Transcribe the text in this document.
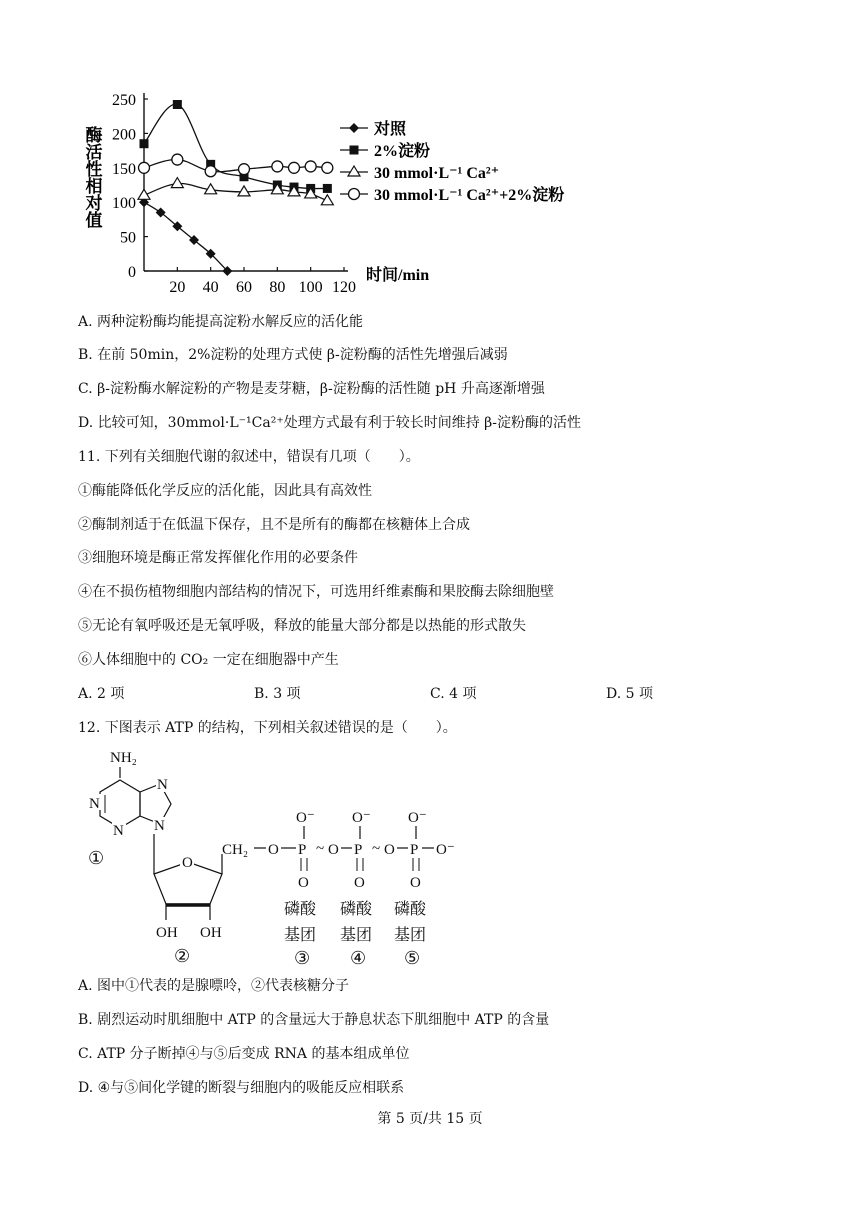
20 40 60 80 100 120
0
50
100
150
200
250
对照
2%淀粉
30 mmol·L⁻¹ Ca²⁺
30 mmol·L⁻¹ Ca²⁺+2%淀粉
酶活性相对值
时间/min
A. 两种淀粉酶均能提高淀粉水解反应的活化能
B. 在前 50min，2%淀粉的处理方式使 β-淀粉酶的活性先增强后减弱
C. β-淀粉酶水解淀粉的产物是麦芽糖，β-淀粉酶的活性随 pH 升高逐渐增强
D. 比较可知，30mmol·L⁻¹Ca²⁺处理方式最有利于较长时间维持 β-淀粉酶的活性
11. 下列有关细胞代谢的叙述中，错误有几项（　　）。
①酶能降低化学反应的活化能，因此具有高效性
②酶制剂适于在低温下保存，且不是所有的酶都在核糖体上合成
③细胞环境是酶正常发挥催化作用的必要条件
④在不损伤植物细胞内部结构的情况下，可选用纤维素酶和果胶酶去除细胞壁
⑤无论有氧呼吸还是无氧呼吸，释放的能量大部分都是以热能的形式散失
⑥人体细胞中的 CO₂ 一定在细胞器中产生
A. 2 项	B. 3 项	C. 4 项	D. 5 项
12. 下图表示 ATP 的结构，下列相关叙述错误的是（　　）。
NH₂
N
N
N
N
①	O
OH OH
②
CH₂ O P
O⁻
O
~ O P
O⁻
O
~ O P
O⁻
O
O⁻
磷酸
基团
③
磷酸
基团
④
磷酸
基团
⑤
A. 图中①代表的是腺嘌呤，②代表核糖分子
B. 剧烈运动时肌细胞中 ATP 的含量远大于静息状态下肌细胞中 ATP 的含量
C. ATP 分子断掉④与⑤后变成 RNA 的基本组成单位
D. ④与⑤间化学键的断裂与细胞内的吸能反应相联系
第 5 页/共 15 页
